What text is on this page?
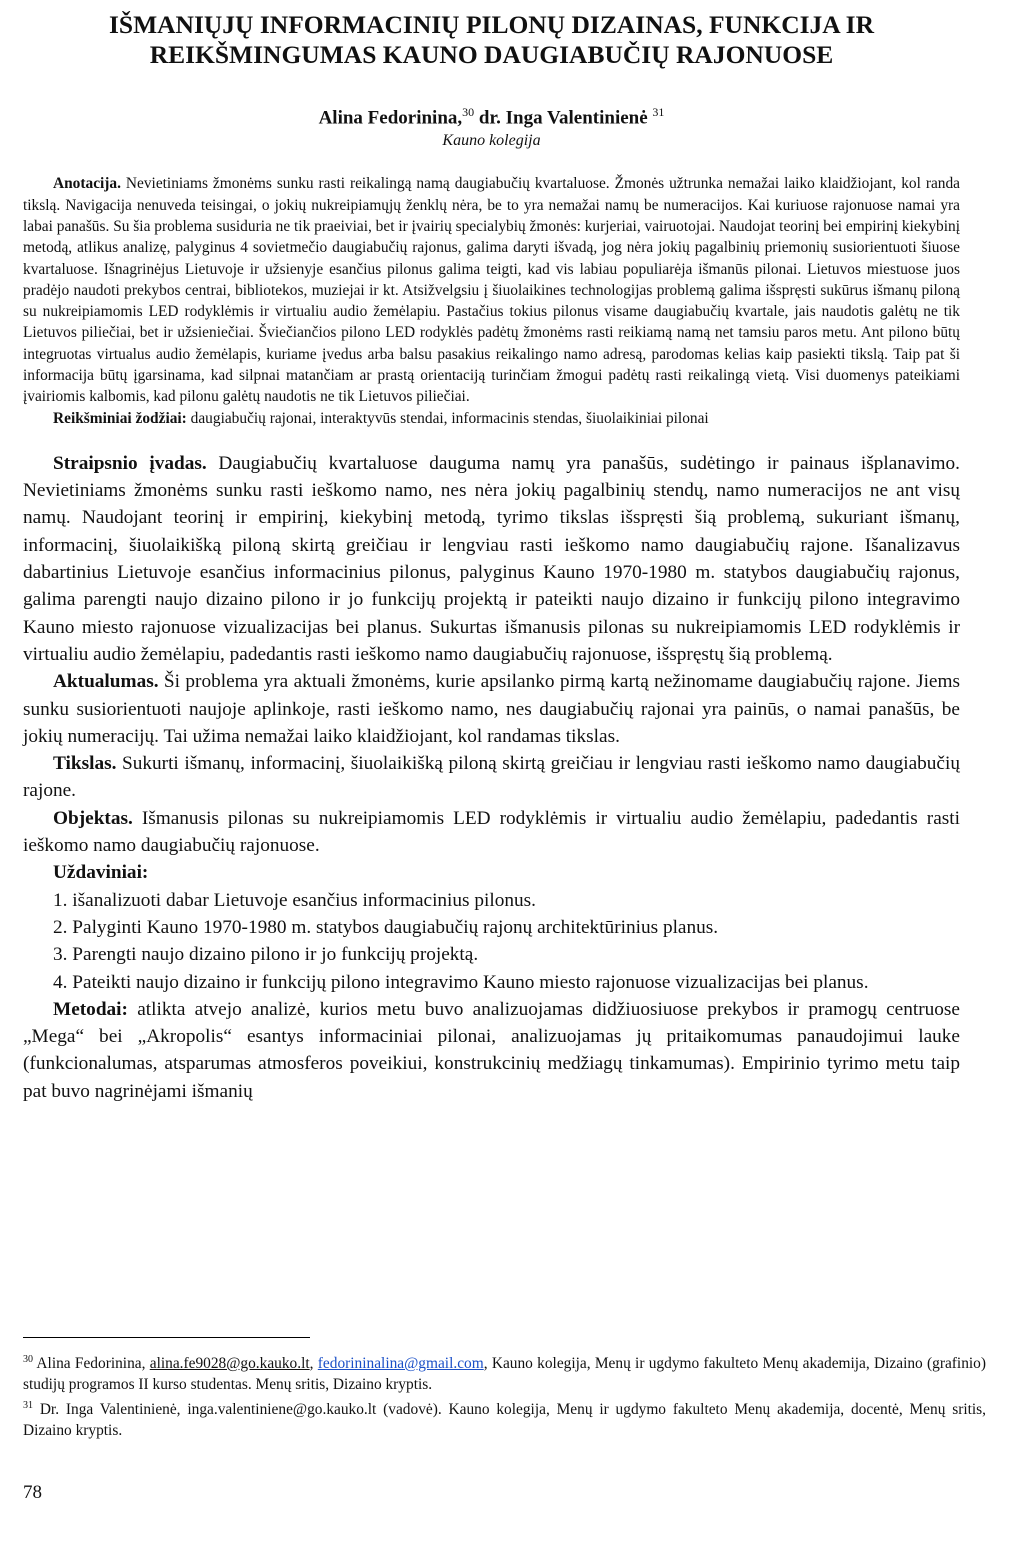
IŠMANIŲJŲ INFORMACINIŲ PILONŲ DIZAINAS, FUNKCIJA IR
REIKŠMINGUMAS KAUNO DAUGIABUČIŲ RAJONUOSE
Alina Fedorinina,$^{30}$ dr. Inga Valentinienė $^{31}$
Kauno kolegija
Anotacija. Nevietiniams žmonėms sunku rasti reikalingą namą daugiabučių kvartaluose. Žmonės užtrunka nemažai laiko klaidžiojant, kol randa tikslą. Navigacija nenuveda teisingai, o jokių nukreipiamųjų ženklų nėra, be to yra nemažai namų be numeracijos. Kai kuriuose rajonuose namai yra labai panašūs. Su šia problema susiduria ne tik praeiviai, bet ir įvairių specialybių žmonės: kurjeriai, vairuotojai. Naudojat teorinį bei empirinį kiekybinį metodą, atlikus analizę, palyginus 4 sovietmečio daugiabučių rajonus, galima daryti išvadą, jog nėra jokių pagalbinių priemonių susiorientuoti šiuose kvartaluose. Išnagrinėjus Lietuvoje ir užsienyje esančius pilonus galima teigti, kad vis labiau populiarėja išmanūs pilonai. Lietuvos miestuose juos pradėjo naudoti prekybos centrai, bibliotekos, muziejai ir kt. Atsižvelgsiu į šiuolaikines technologijas problemą galima išspręsti sukūrus išmanų piloną su nukreipiamomis LED rodyklėmis ir virtualiu audio žemėlapiu. Pastačius tokius pilonus visame daugiabučių kvartale, jais naudotis galėtų ne tik Lietuvos piliečiai, bet ir užsieniečiai. Šviečiančios pilono LED rodyklės padėtų žmonėms rasti reikiamą namą net tamsiu paros metu. Ant pilono būtų integruotas virtualus audio žemėlapis, kuriame įvedus arba balsu pasakius reikalingo namo adresą, parodomas kelias kaip pasiekti tikslą. Taip pat ši informacija būtų įgarsinama, kad silpnai matančiam ar prastą orientaciją turinčiam žmogui padėtų rasti reikalingą vietą. Visi duomenys pateikiami įvairiomis kalbomis, kad pilonu galėtų naudotis ne tik Lietuvos piliečiai.
Reikšminiai žodžiai: daugiabučių rajonai, interaktyvūs stendai, informacinis stendas, šiuolaikiniai pilonai

Straipsnio įvadas. Daugiabučių kvartaluose dauguma namų yra panašūs, sudėtingo ir painaus išplanavimo. Nevietiniams žmonėms sunku rasti ieškomo namo, nes nėra jokių pagalbinių stendų, namo numeracijos ne ant visų namų. Naudojant teorinį ir empirinį, kiekybinį metodą, tyrimo tikslas išspręsti šią problemą, sukuriant išmanų, informacinį, šiuolaikišką piloną skirtą greičiau ir lengviau rasti ieškomo namo daugiabučių rajone. Išanalizavus dabartinius Lietuvoje esančius informacinius pilonus, palyginus Kauno 1970-1980 m. statybos daugiabučių rajonus, galima parengti naujo dizaino pilono ir jo funkcijų projektą ir pateikti naujo dizaino ir funkcijų pilono integravimo Kauno miesto rajonuose vizualizacijas bei planus. Sukurtas išmanusis pilonas su nukreipiamomis LED rodyklėmis ir virtualiu audio žemėlapiu, padedantis rasti ieškomo namo daugiabučių rajonuose, išspręstų šią problemą.

Aktualumas. Ši problema yra aktuali žmonėms, kurie apsilanko pirmą kartą nežinomame daugiabučių rajone. Jiems sunku susiorientuoti naujoje aplinkoje, rasti ieškomo namo, nes daugiabučių rajonai yra painūs, o namai panašūs, be jokių numeracijų. Tai užima nemažai laiko klaidžiojant, kol randamas tikslas.

Tikslas. Sukurti išmanų, informacinį, šiuolaikišką piloną skirtą greičiau ir lengviau rasti ieškomo namo daugiabučių rajone.

Objektas. Išmanusis pilonas su nukreipiamomis LED rodyklėmis ir virtualiu audio žemėlapiu, padedantis rasti ieškomo namo daugiabučių rajonuose.

Uždaviniai:

1. išanalizuoti dabar Lietuvoje esančius informacinius pilonus.

2. Palyginti Kauno 1970-1980 m. statybos daugiabučių rajonų architektūrinius planus.

3. Parengti naujo dizaino pilono ir jo funkcijų projektą.

4. Pateikti naujo dizaino ir funkcijų pilono integravimo Kauno miesto rajonuose vizualizacijas bei planus.

Metodai: atlikta atvejo analizė, kurios metu buvo analizuojamas didžiuosiuose prekybos ir pramogų centruose „Mega“ bei „Akropolis“ esantys informaciniai pilonai, analizuojamas jų pritaikomumas panaudojimui lauke (funkcionalumas, atsparumas atmosferos poveikiui, konstrukcinių medžiagų tinkamumas). Empirinio tyrimo metu taip pat buvo nagrinėjami išmanių

$^{30}$ Alina Fedorinina, alina.fe9028@go.kauko.lt, fedorininalina@gmail.com, Kauno kolegija, Menų ir ugdymo fakulteto Menų akademija, Dizaino (grafinio) studijų programos II kurso studentas. Menų sritis, Dizaino kryptis.
$^{31}$ Dr. Inga Valentinienė, inga.valentiniene@go.kauko.lt (vadovė). Kauno kolegija, Menų ir ugdymo fakulteto Menų akademija, docentė, Menų sritis, Dizaino kryptis.
78
